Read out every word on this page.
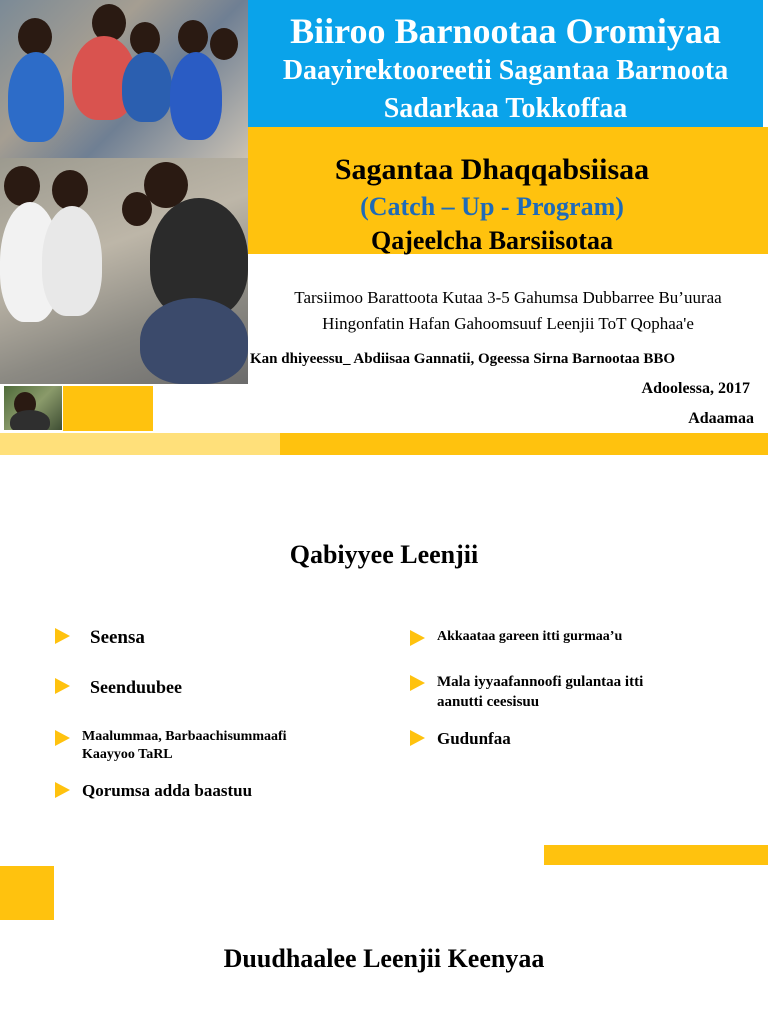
Biiroo Barnootaa Oromiyaa
Daayirektooreetii Sagantaa Barnoota
Sadarkaa Tokkoffaa
Sagantaa Dhaqqabsiisaa
(Catch – Up - Program)
Qajeelcha Barsiisotaa
Tarsiimoo Barattoota Kutaa 3-5 Gahumsa Dubbarree Bu’uuraa
Hingonfatin Hafan Gahoomsuuf Leenjii ToT Qophaa'e
Kan dhiyeessu_ Abdiisaa Gannatii, Ogeessa Sirna Barnootaa BBO
Adoolessa, 2017
Adaamaa
Qabiyyee Leenjii
Seensa
Seenduubee
Maalummaa, Barbaachisummaafi
Kaayyoo TaRL
Qorumsa adda baastuu
Akkaataa gareen itti gurmaa’u
Mala iyyaafannoofi gulantaa itti
aanutti ceesisuu
Gudunfaa
Duudhaalee Leenjii Keenyaa
